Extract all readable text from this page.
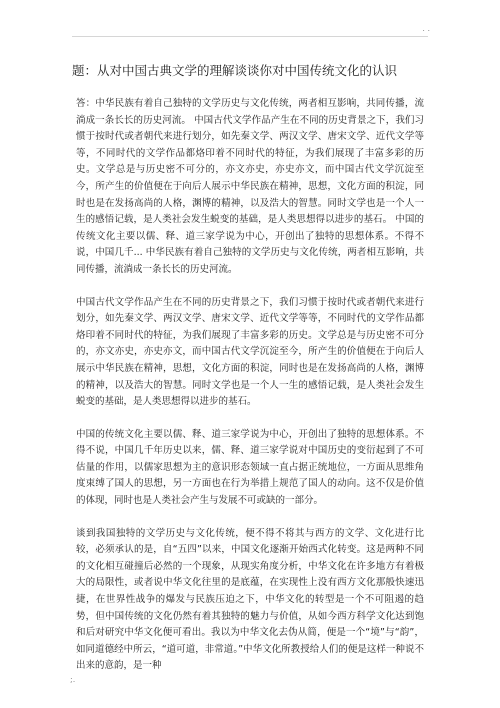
. .
题：从对中国古典文学的理解谈谈你对中国传统文化的认识

答：中华民族有着自己独特的文学历史与文化传统，两者相互影响，共同传播，流淌成一条长长的历史河流。 中国古代文学作品产生在不同的历史背景之下，我们习惯于按时代或者朝代来进行划分，如先秦文学、两汉文学、唐宋文学、近代文学等等，不同时代的文学作品都烙印着不同时代的特征，为我们展现了丰富多彩的历史。文学总是与历史密不可分的，亦文亦史，亦史亦文，而中国古代文学沉淀至今，所产生的价值便在于向后人展示中华民族在精神，思想，文化方面的积淀，同时也是在发扬高尚的人格，渊博的精神，以及浩大的智慧。同时文学也是一个人一生的感悟记载，是人类社会发生蜕变的基础，是人类思想得以进步的基石。 中国的传统文化主要以儒、释、道三家学说为中心，开创出了独特的思想体系。不得不说，中国几千... 中华民族有着自己独特的文学历史与文化传统，两者相互影响，共同传播，流淌成一条长长的历史河流。

中国古代文学作品产生在不同的历史背景之下，我们习惯于按时代或者朝代来进行划分，如先秦文学、两汉文学、唐宋文学、近代文学等等，不同时代的文学作品都烙印着不同时代的特征，为我们展现了丰富多彩的历史。文学总是与历史密不可分的，亦文亦史，亦史亦文，而中国古代文学沉淀至今，所产生的价值便在于向后人展示中华民族在精神，思想，文化方面的积淀，同时也是在发扬高尚的人格，渊博的精神，以及浩大的智慧。同时文学也是一个人一生的感悟记载，是人类社会发生蜕变的基础，是人类思想得以进步的基石。

中国的传统文化主要以儒、释、道三家学说为中心，开创出了独特的思想体系。不得不说，中国几千年历史以来，儒、释、道三家学说对中国历史的变衍起到了不可估量的作用，以儒家思想为主的意识形态领域一直占据正统地位，一方面从思维角度束缚了国人的思想，另一方面也在行为举措上规范了国人的动向。这不仅是价值的体现，同时也是人类社会产生与发展不可或缺的一部分。

谈到我国独特的文学历史与文化传统，便不得不将其与西方的文学、文化进行比较，必须承认的是，自“五四”以来，中国文化逐渐开始西式化转变。这是两种不同的文化相互碰撞后必然的一个现象，从现实角度分析，中华文化在许多地方有着极大的局限性，或者说中华文化往里的是底蕴，在实现性上没有西方文化那般快速迅捷，在世界性战争的爆发与民族压迫之下，中华文化的转型是一个不可阻遏的趋势，但中国传统的文化仍然有着其独特的魅力与价值，从如今西方科学文化达到饱和后对研究中华文化便可看出。我以为中华文化去伪从简，便是一个“境”与“韵”，如同道德经中所云，“道可道，非常道。”中华文化所教授给人们的便是这样一种说不出来的意韵，是一种

;.
